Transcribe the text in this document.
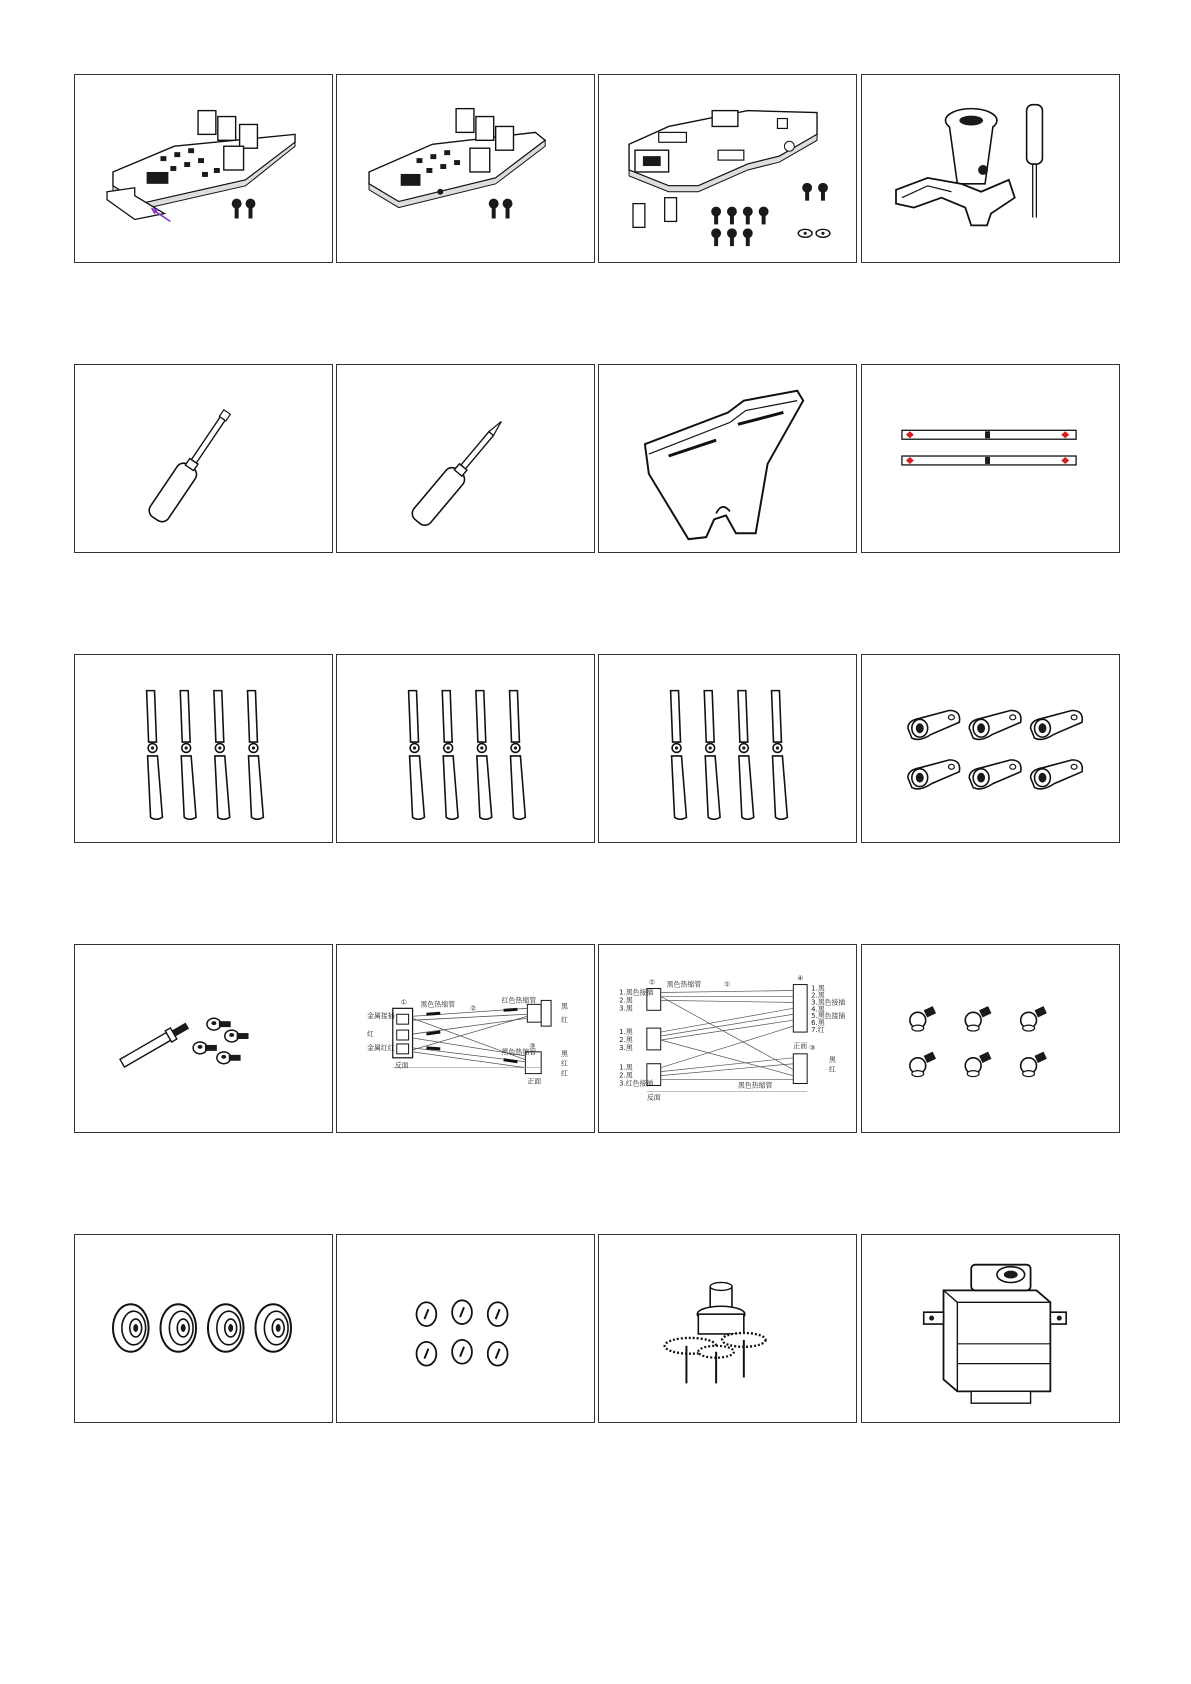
①
②
③
金属接插
红
金属红红
黑色热缩管	红色热缩管
黑色热缩管
黑
红
黑
红
红
反面
正面
②	①
③
④
黑色热缩管
黑色热缩管
1.黑色接插
2.黑
3.黑
1.黑
2.黑
3.黑
1.黑
2.黑
3.红色接插
1.黑
2.黑
3.黑色接插
4.黑
5.黑色接插
6.黑
7.红
反面
正面
黑
红
